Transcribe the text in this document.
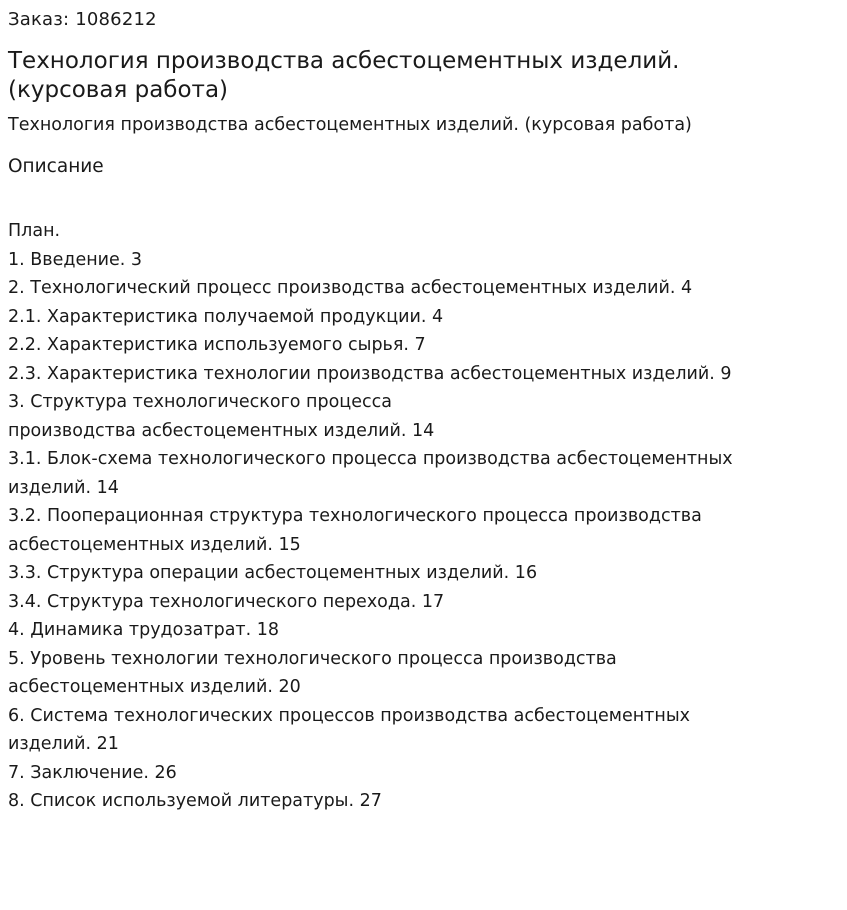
Заказ: 1086212
Технология производства асбестоцементных изделий.
(курсовая работа)
Технология производства асбестоцементных изделий. (курсовая работа)
Описание
План.
1. Введение. 3
2. Технологический процесс производства асбестоцементных изделий. 4
2.1. Характеристика получаемой продукции. 4
2.2. Характеристика используемого сырья. 7
2.3. Характеристика технологии производства асбестоцементных изделий. 9
3. Структура технологического процесса
производства асбестоцементных изделий. 14
3.1. Блок-схема технологического процесса производства асбестоцементных
изделий. 14
3.2. Пооперационная структура технологического процесса производства
асбестоцементных изделий. 15
3.3. Структура операции асбестоцементных изделий. 16
3.4. Структура технологического перехода. 17
4. Динамика трудозатрат. 18
5. Уровень технологии технологического процесса производства
асбестоцементных изделий. 20
6. Система технологических процессов производства асбестоцементных
изделий. 21
7. Заключение. 26
8. Список используемой литературы. 27
